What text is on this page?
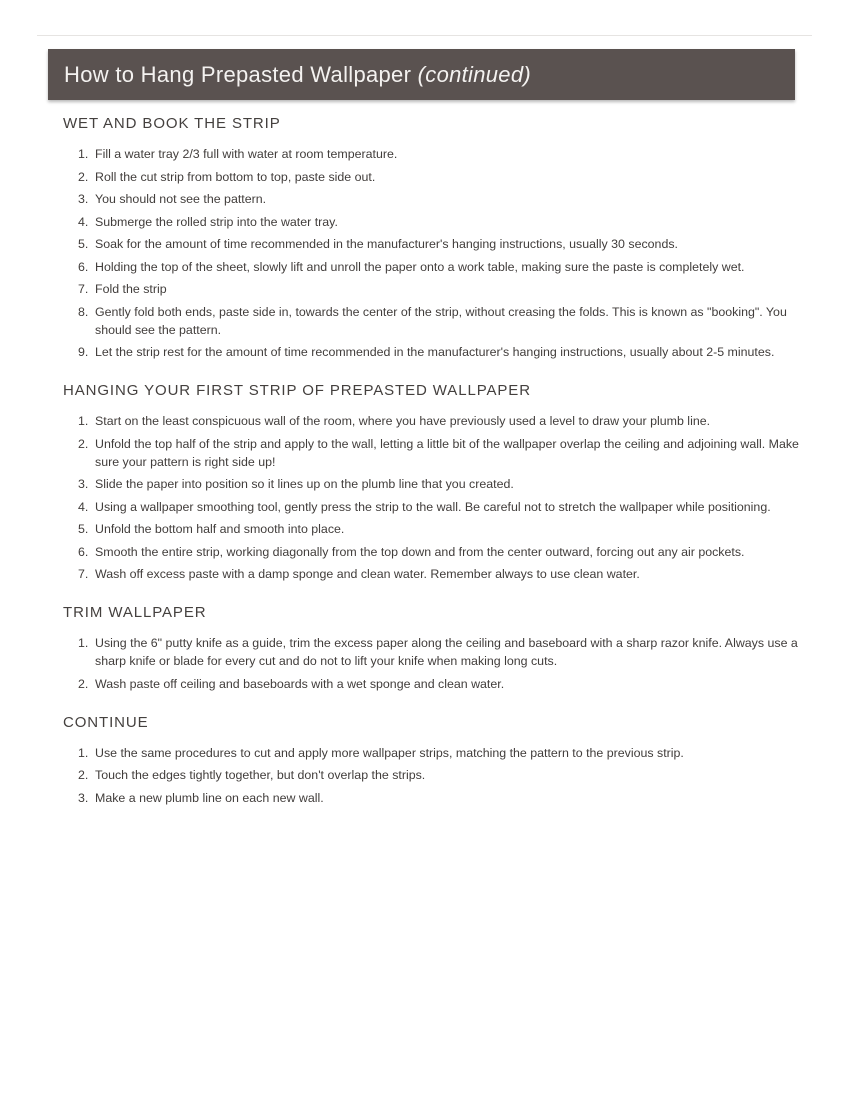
How to Hang Prepasted Wallpaper (continued)
WET AND BOOK THE STRIP
1. Fill a water tray 2/3 full with water at room temperature.
2. Roll the cut strip from bottom to top, paste side out.
3. You should not see the pattern.
4. Submerge the rolled strip into the water tray.
5. Soak for the amount of time recommended in the manufacturer's hanging instructions, usually 30 seconds.
6. Holding the top of the sheet, slowly lift and unroll the paper onto a work table, making sure the paste is completely wet.
7. Fold the strip
8. Gently fold both ends, paste side in, towards the center of the strip, without creasing the folds. This is known as "booking". You should see the pattern.
9. Let the strip rest for the amount of time recommended in the manufacturer's hanging instructions, usually about 2-5 minutes.
HANGING YOUR FIRST STRIP OF PREPASTED WALLPAPER
1. Start on the least conspicuous wall of the room, where you have previously used a level to draw your plumb line.
2. Unfold the top half of the strip and apply to the wall, letting a little bit of the wallpaper overlap the ceiling and adjoining wall. Make sure your pattern is right side up!
3. Slide the paper into position so it lines up on the plumb line that you created.
4. Using a wallpaper smoothing tool, gently press the strip to the wall. Be careful not to stretch the wallpaper while positioning.
5. Unfold the bottom half and smooth into place.
6. Smooth the entire strip, working diagonally from the top down and from the center outward, forcing out any air pockets.
7. Wash off excess paste with a damp sponge and clean water. Remember always to use clean water.
TRIM WALLPAPER
1. Using the 6" putty knife as a guide, trim the excess paper along the ceiling and baseboard with a sharp razor knife. Always use a sharp knife or blade for every cut and do not to lift your knife when making long cuts.
2. Wash paste off ceiling and baseboards with a wet sponge and clean water.
CONTINUE
1. Use the same procedures to cut and apply more wallpaper strips, matching the pattern to the previous strip.
2. Touch the edges tightly together, but don't overlap the strips.
3. Make a new plumb line on each new wall.
